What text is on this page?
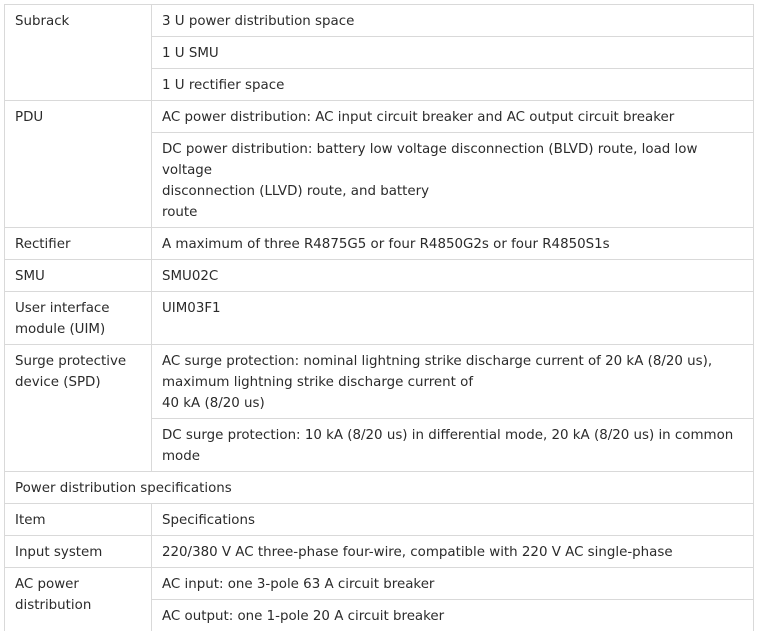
Subrack	3 U power distribution space
	1 U SMU
	1 U rectifier space
PDU	AC power distribution: AC input circuit breaker and AC output circuit breaker

	DC power distribution: battery low voltage disconnection (BLVD) route, load low voltage
disconnection (LLVD) route, and battery
route

Rectifier	A maximum of three R4875G5 or four R4850G2s or four R4850S1s
SMU	SMU02C

User interface
module (UIM)	UIM03F1

Surge protective
device (SPD)	AC surge protection: nominal lightning strike discharge current of 20 kA (8/20 us),
maximum lightning strike discharge current of
40 kA (8/20 us)

	DC surge protection: 10 kA (8/20 us) in differential mode, 20 kA (8/20 us) in common
mode

Power distribution specifications	
Item	Specifications
Input system	220/380 V AC three-phase four-wire, compatible with 220 V AC single-phase

AC power
distribution	AC input: one 3-pole 63 A circuit breaker
	AC output: one 1-pole 20 A circuit breaker
